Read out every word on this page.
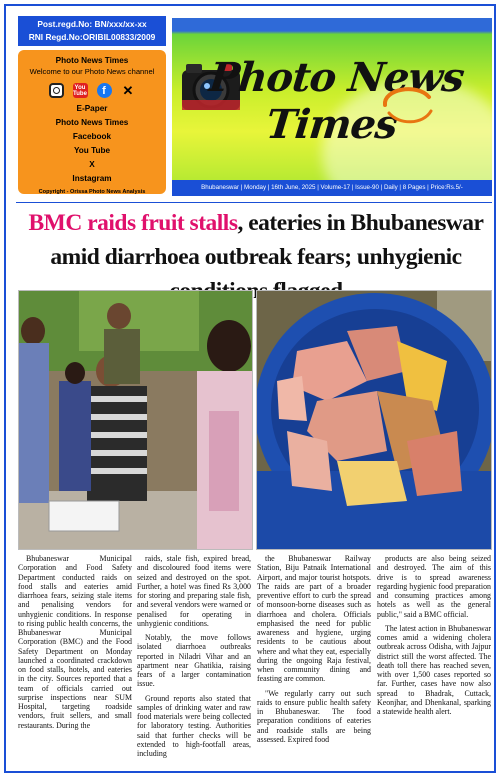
Post.regd.No: BN/xxx/xx-xx
RNI Regd.No:ORIBIL00833/2009
Photo News Times
Welcome to our Photo News channel
You Tube	f	✕
E-Paper
Photo News Times
Facebook
You Tube
X
Instagram
Copyright - Orissa Photo News Analysis
Photo News Times
Bhubaneswar | Monday | 16th June, 2025 | Volume-17 | Issue-90 | Daily | 8 Pages | Price:Rs.5/-
BMC raids fruit stalls, eateries in Bhubaneswar amid diarrhoea outbreak fears; unhygienic

Bhubaneswar Municipal Corporation and Food Safety Department conducted raids on food stalls and eateries amid diarrhoea fears, seizing stale items and penalising vendors for unhygienic conditions. In response to rising public health concerns, the Bhubaneswar Municipal Corporation (BMC) and the Food Safety Department on Monday launched a coordinated crackdown on food stalls, hotels, and eateries in the city. Sources reported that a team of officials carried out surprise inspections near SUM Hospital, targeting roadside vendors, fruit sellers, and small restaurants. During the

raids, stale fish, expired bread, and discoloured food items were seized and destroyed on the spot. Further, a hotel was fined Rs 3,000 for storing and preparing stale fish, and several vendors were warned or penalised for operating in unhygienic conditions.

Notably, the move follows isolated diarrhoea outbreaks reported in Niladri Vihar and an apartment near Ghatikia, raising fears of a larger contamination issue.

Ground reports also stated that samples of drinking water and raw food materials were being collected for laboratory testing. Authorities said that further checks will be extended to high-footfall areas, including

the Bhubaneswar Railway Station, Biju Patnaik International Airport, and major tourist hotspots. The raids are part of a broader preventive effort to curb the spread of monsoon-borne diseases such as diarrhoea and cholera. Officials emphasised the need for public awareness and hygiene, urging residents to be cautious about where and what they eat, especially during the ongoing Raja festival, when community dining and feasting are common.

"We regularly carry out such raids to ensure public health safety in Bhubaneswar. The food preparation conditions of eateries and roadside stalls are being assessed. Expired food

products are also being seized and destroyed. The aim of this drive is to spread awareness regarding hygienic food preparation and consuming practices among hotels as well as the general public," said a BMC official.

The latest action in Bhubaneswar comes amid a widening cholera outbreak across Odisha, with Jajpur district still the worst affected. The death toll there has reached seven, with over 1,500 cases reported so far. Further, cases have now also spread to Bhadrak, Cuttack, Keonjhar, and Dhenkanal, sparking a statewide health alert.
